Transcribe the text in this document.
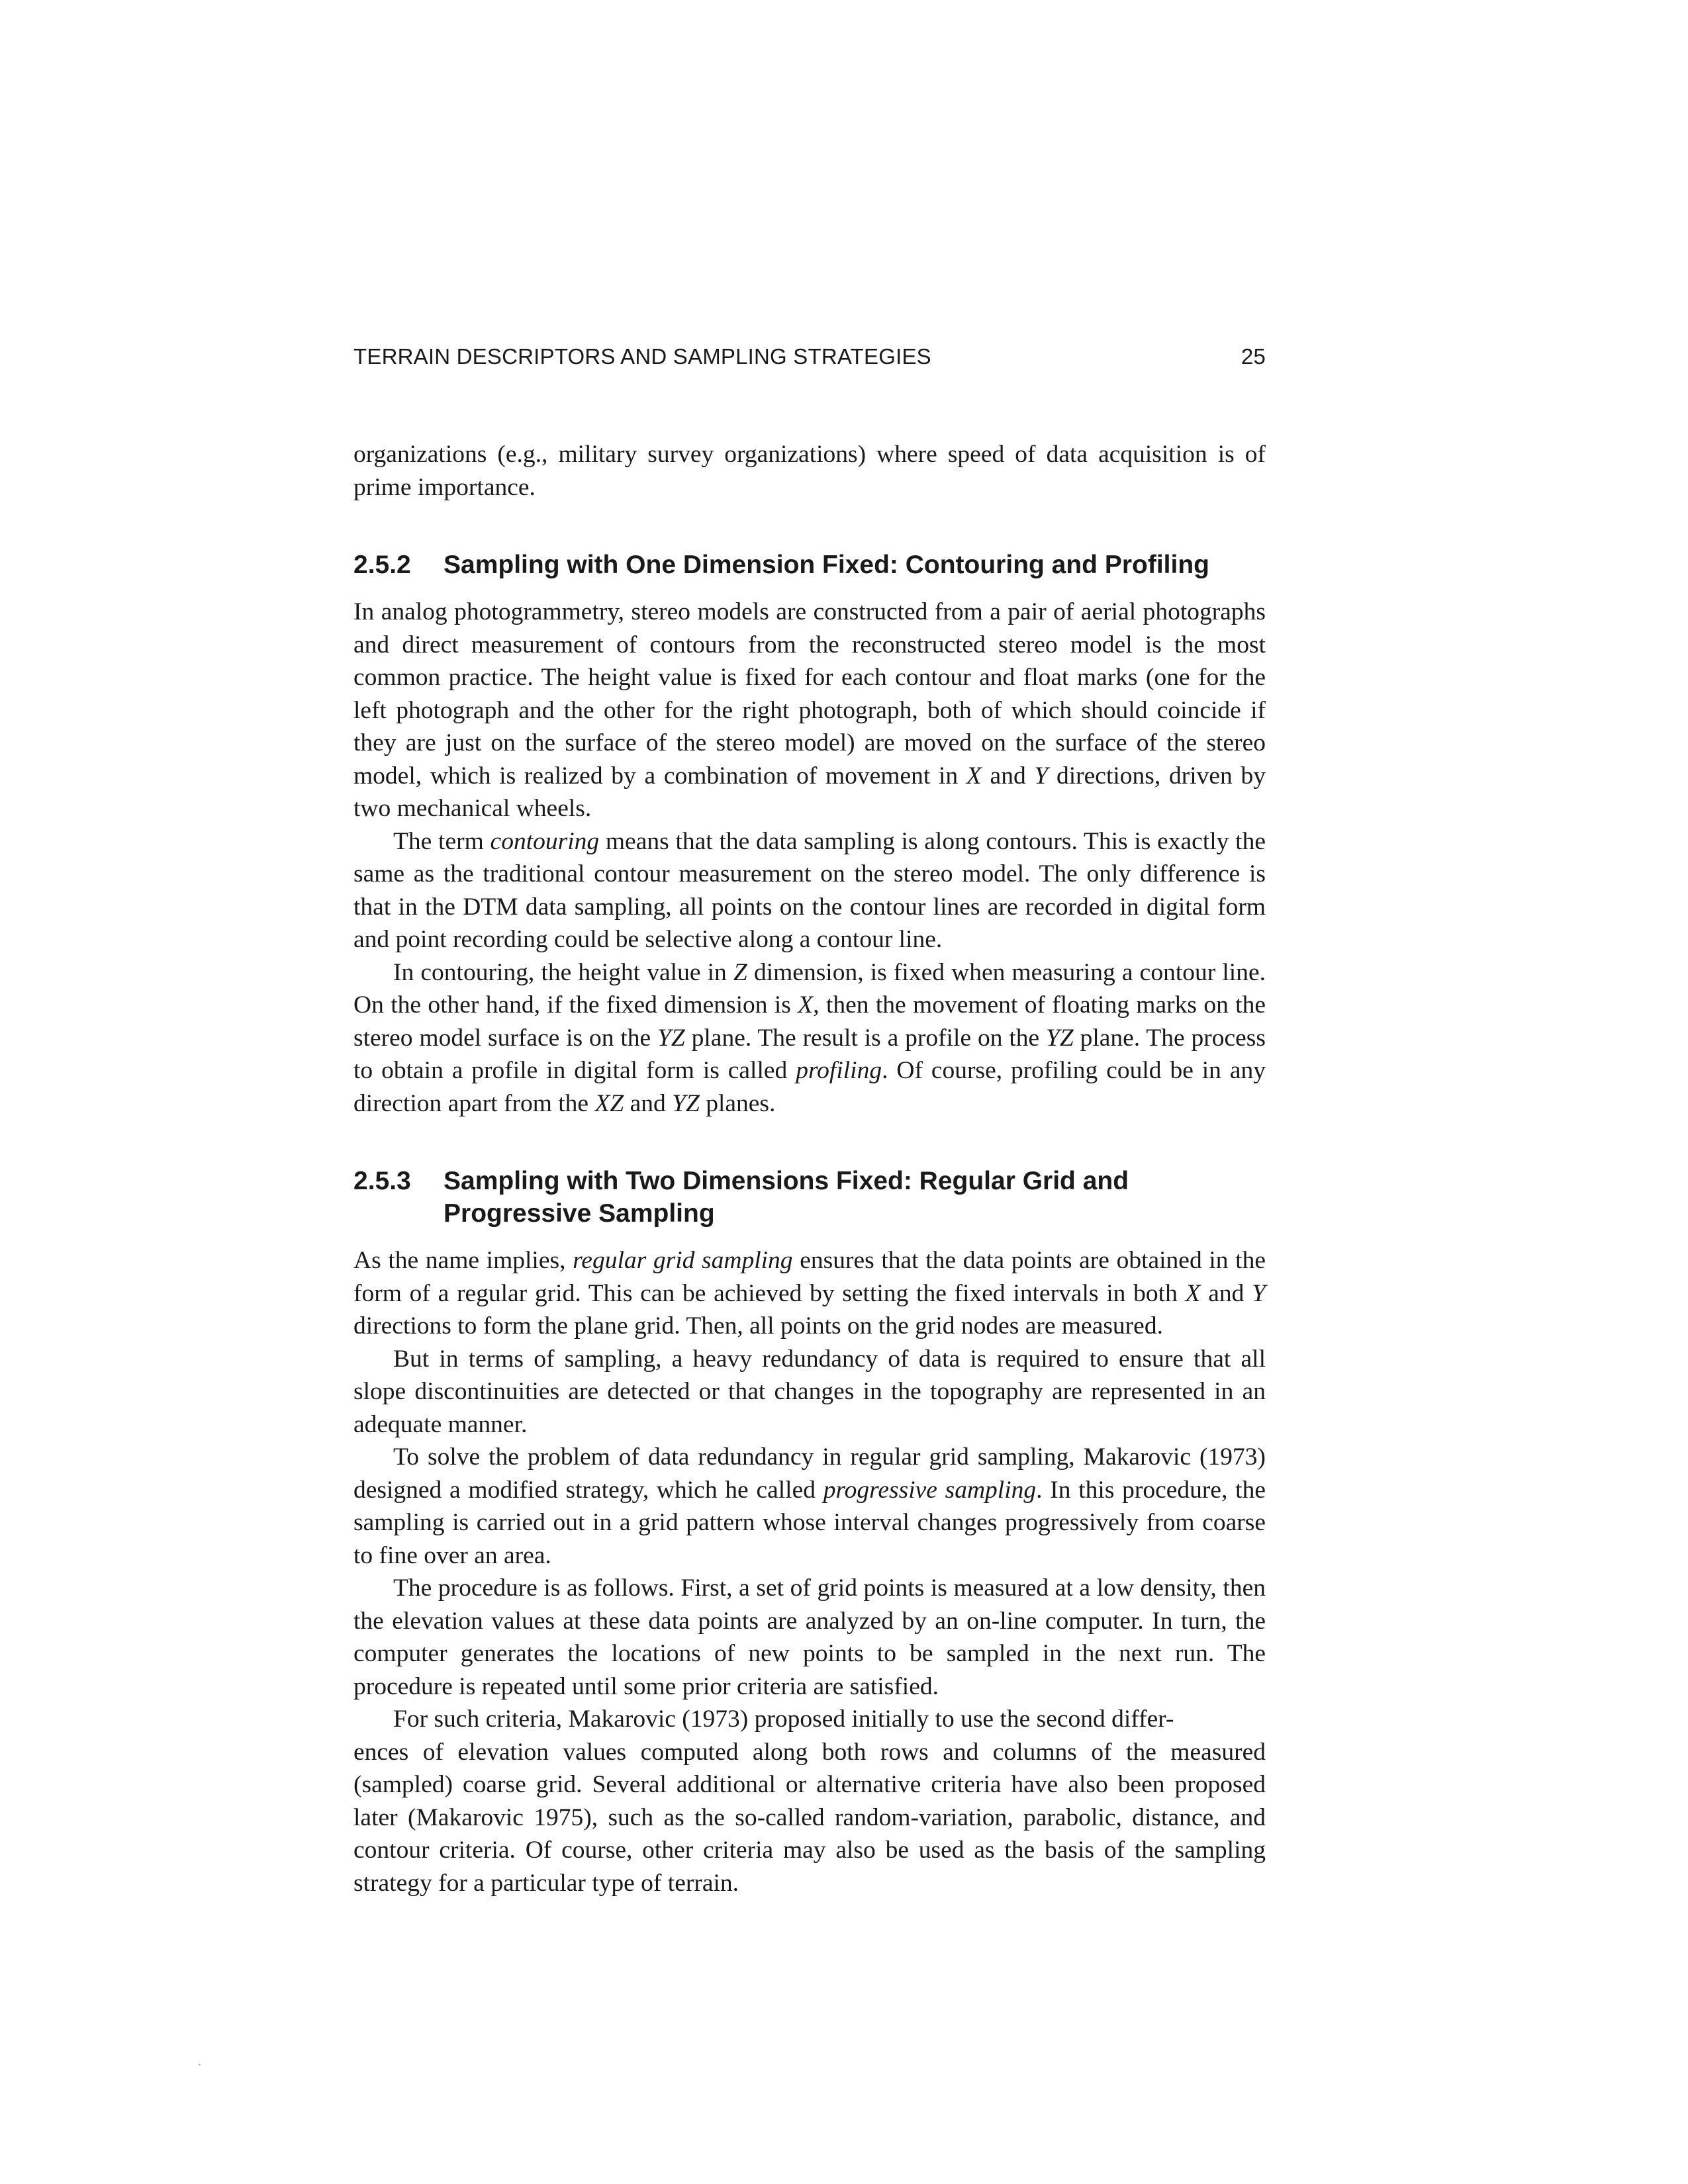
TERRAIN DESCRIPTORS AND SAMPLING STRATEGIES	25

organizations (e.g., military survey organizations) where speed of data acquisition is of prime importance.

2.5.2	Sampling with One Dimension Fixed: Contouring and Profiling

In analog photogrammetry, stereo models are constructed from a pair of aerial photographs and direct measurement of contours from the reconstructed stereo model is the most common practice. The height value is fixed for each contour and float marks (one for the left photograph and the other for the right photograph, both of which should coincide if they are just on the surface of the stereo model) are moved on the surface of the stereo model, which is realized by a combination of movement in X and Y directions, driven by two mechanical wheels.

The term contouring means that the data sampling is along contours. This is exactly the same as the traditional contour measurement on the stereo model. The only difference is that in the DTM data sampling, all points on the contour lines are recorded in digital form and point recording could be selective along a contour line.

In contouring, the height value in Z dimension, is fixed when measuring a contour line. On the other hand, if the fixed dimension is X, then the movement of floating marks on the stereo model surface is on the YZ plane. The result is a profile on the YZ plane. The process to obtain a profile in digital form is called profiling. Of course, profiling could be in any direction apart from the XZ and YZ planes.

2.5.3	Sampling with Two Dimensions Fixed: Regular Grid and
Progressive Sampling

As the name implies, regular grid sampling ensures that the data points are obtained in the form of a regular grid. This can be achieved by setting the fixed intervals in both X and Y directions to form the plane grid. Then, all points on the grid nodes are measured.

But in terms of sampling, a heavy redundancy of data is required to ensure that all slope discontinuities are detected or that changes in the topography are represented in an adequate manner.

To solve the problem of data redundancy in regular grid sampling, Makarovic (1973) designed a modified strategy, which he called progressive sampling. In this procedure, the sampling is carried out in a grid pattern whose interval changes progressively from coarse to fine over an area.

The procedure is as follows. First, a set of grid points is measured at a low density, then the elevation values at these data points are analyzed by an on-line computer. In turn, the computer generates the locations of new points to be sampled in the next run. The procedure is repeated until some prior criteria are satisfied.

For such criteria, Makarovic (1973) proposed initially to use the second differ-
ences of elevation values computed along both rows and columns of the measured (sampled) coarse grid. Several additional or alternative criteria have also been proposed later (Makarovic 1975), such as the so-called random-variation, parabolic, distance, and contour criteria. Of course, other criteria may also be used as the basis of the sampling strategy for a particular type of terrain.
